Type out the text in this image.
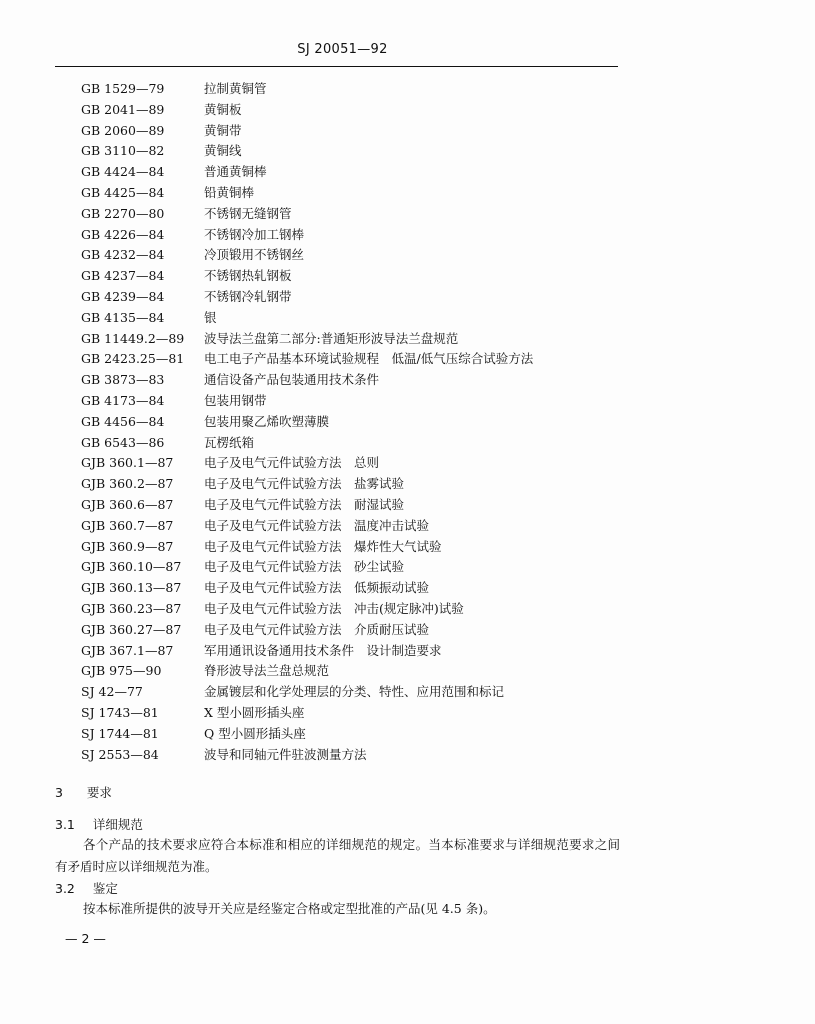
SJ 20051—92
GB 1529—79	拉制黄铜管
GB 2041—89	黄铜板
GB 2060—89	黄铜带
GB 3110—82	黄铜线
GB 4424—84	普通黄铜棒
GB 4425—84	铅黄铜棒
GB 2270—80	不锈钢无缝钢管
GB 4226—84	不锈钢冷加工钢棒
GB 4232—84	冷顶锻用不锈钢丝
GB 4237—84	不锈钢热轧钢板
GB 4239—84	不锈钢冷轧钢带
GB 4135—84	银
GB 11449.2—89 波导法兰盘第二部分:普通矩形波导法兰盘规范
GB 2423.25—81 电工电子产品基本环境试验规程　低温/低气压综合试验方法
GB 3873—83	通信设备产品包装通用技术条件
GB 4173—84	包装用钢带
GB 4456—84	包装用聚乙烯吹塑薄膜
GB 6543—86	瓦楞纸箱
GJB 360.1—87 电子及电气元件试验方法　总则
GJB 360.2—87 电子及电气元件试验方法　盐雾试验
GJB 360.6—87 电子及电气元件试验方法　耐湿试验
GJB 360.7—87 电子及电气元件试验方法　温度冲击试验
GJB 360.9—87 电子及电气元件试验方法　爆炸性大气试验
GJB 360.10—87 电子及电气元件试验方法　砂尘试验
GJB 360.13—87 电子及电气元件试验方法　低频振动试验
GJB 360.23—87 电子及电气元件试验方法　冲击(规定脉冲)试验
GJB 360.27—87 电子及电气元件试验方法　介质耐压试验
GJB 367.1—87 军用通讯设备通用技术条件　设计制造要求
GJB 975—90	脊形波导法兰盘总规范
SJ 42—77	金属镀层和化学处理层的分类、特性、应用范围和标记
SJ 1743—81	X 型小圆形插头座
SJ 1744—81	Q 型小圆形插头座
SJ 2553—84	波导和同轴元件驻波测量方法
3 要求
3.1 详细规范
各个产品的技术要求应符合本标准和相应的详细规范的规定。当本标准要求与详细规范要求之间有矛盾时应以详细规范为准。
3.2 鉴定
按本标准所提供的波导开关应是经鉴定合格或定型批准的产品(见 4.5 条)。
— 2 —
